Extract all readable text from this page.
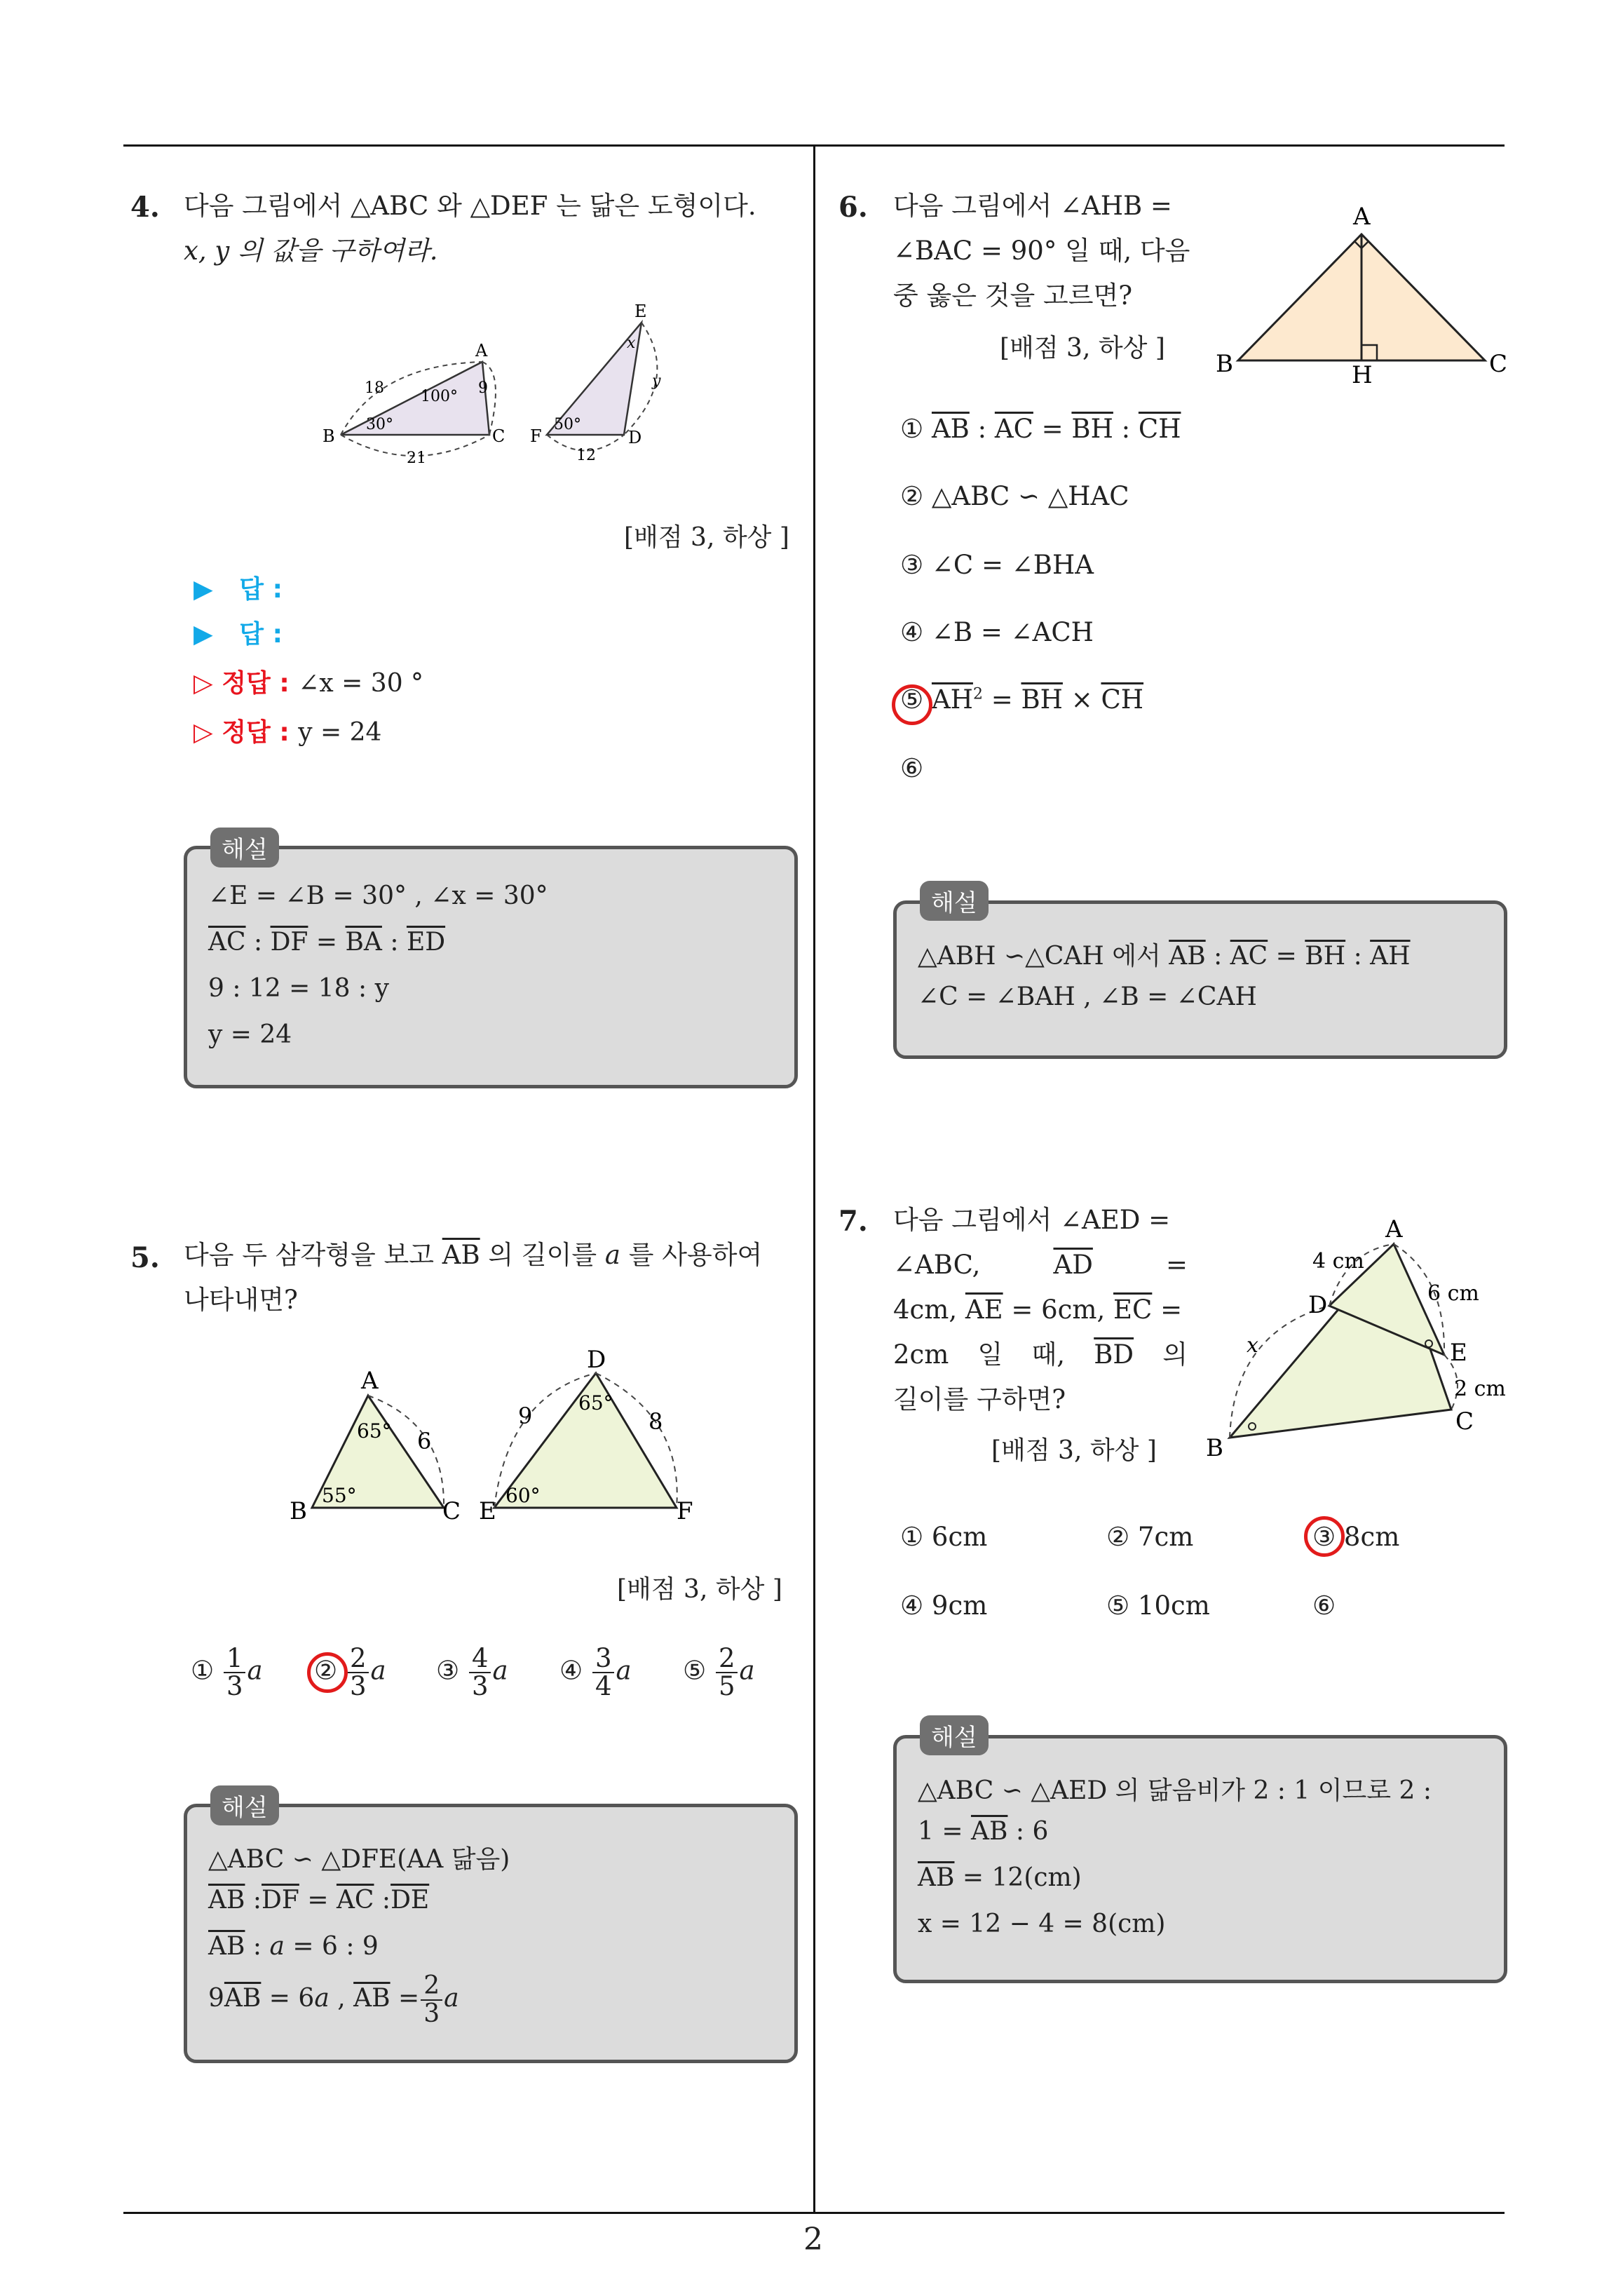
2
4. 다음 그림에서 △ABC 와 △DEF 는 닮은 도형이다.
x, y 의 값을 구하여라.
B
A
C
18	9
21
100°
30°
E
F	D
50°
12
x
y
[배점 3, 하상 ]
▶ 답 :
▶ 답 :
▷ 정답 : ∠x = 30 °
▷ 정답 : y = 24
∠E = ∠B = 30° , ∠x = 30°
$\overline{AC}$ : $\overline{DF} = \overline{BA}$ : $\overline{ED}$
9 : 12 = 18 : y
y = 24
해설
5. 다음 두 삼각형을 보고 $\overline{AB}$ 의 길이를 a 를 사용하여
나타내면?
A
B	C
65°
55°
6
D
E	F
65°
60°
9	8
[배점 3, 하상 ]
① $\frac{1}{3}$ a ② $\frac{2}{3}$ a ③ $\frac{4}{3}$ a ④ $\frac{3}{4}$ a ⑤ $\frac{2}{5}$ a
△ABC ∽ △DFE(AA 닮음)
$\overline{AB}$ $:\overline{DF} = \overline{AC}$ $:\overline{DE}$
$\overline{AB}$ : a = 6 : 9
$9\overline{AB} = 6a$ , $\overline{AB} = \frac{2}{3}$ a
해설
6. 다음 그림에서 ∠AHB =
∠BAC = 90° 일 때, 다음
중 옳은 것을 고르면?
[배점 3, 하상 ]
A
B	C
H
① $\overline{AB}$ : $\overline{AC} = \overline{BH}$ : $\overline{CH}$
② △ABC ∽ △HAC
③ ∠C = ∠BHA
④ ∠B = ∠ACH
⑤ $\overline{AH}^2 = \overline{BH} \times \overline{CH}$
⑥
△ABH ∽△CAH 에서 $\overline{AB}$ : $\overline{AC} = \overline{BH}$ : $\overline{AH}$
∠C = ∠BAH , ∠B = ∠CAH
해설
7. 다음 그림에서 ∠AED =
∠ABC,	$\overline{AD}$	=
4cm, $\overline{AE} = 6cm$, $\overline{EC}$ =
2cm 일 때, $\overline{BD}$ 의
길이를 구하면?
[배점 3, 하상 ]
A
B
C
D
E
4 cm
6 cm
2 cm
x
① 6cm	② 7cm	③ 8cm
④ 9cm	⑤ 10cm	⑥
△ABC ∽ △AED 의 닮음비가 2 : 1 이므로 2 :
$1 = \overline{AB}$ : 6
$\overline{AB} = 12(cm)$
x = 12 − 4 = 8(cm)
해설
